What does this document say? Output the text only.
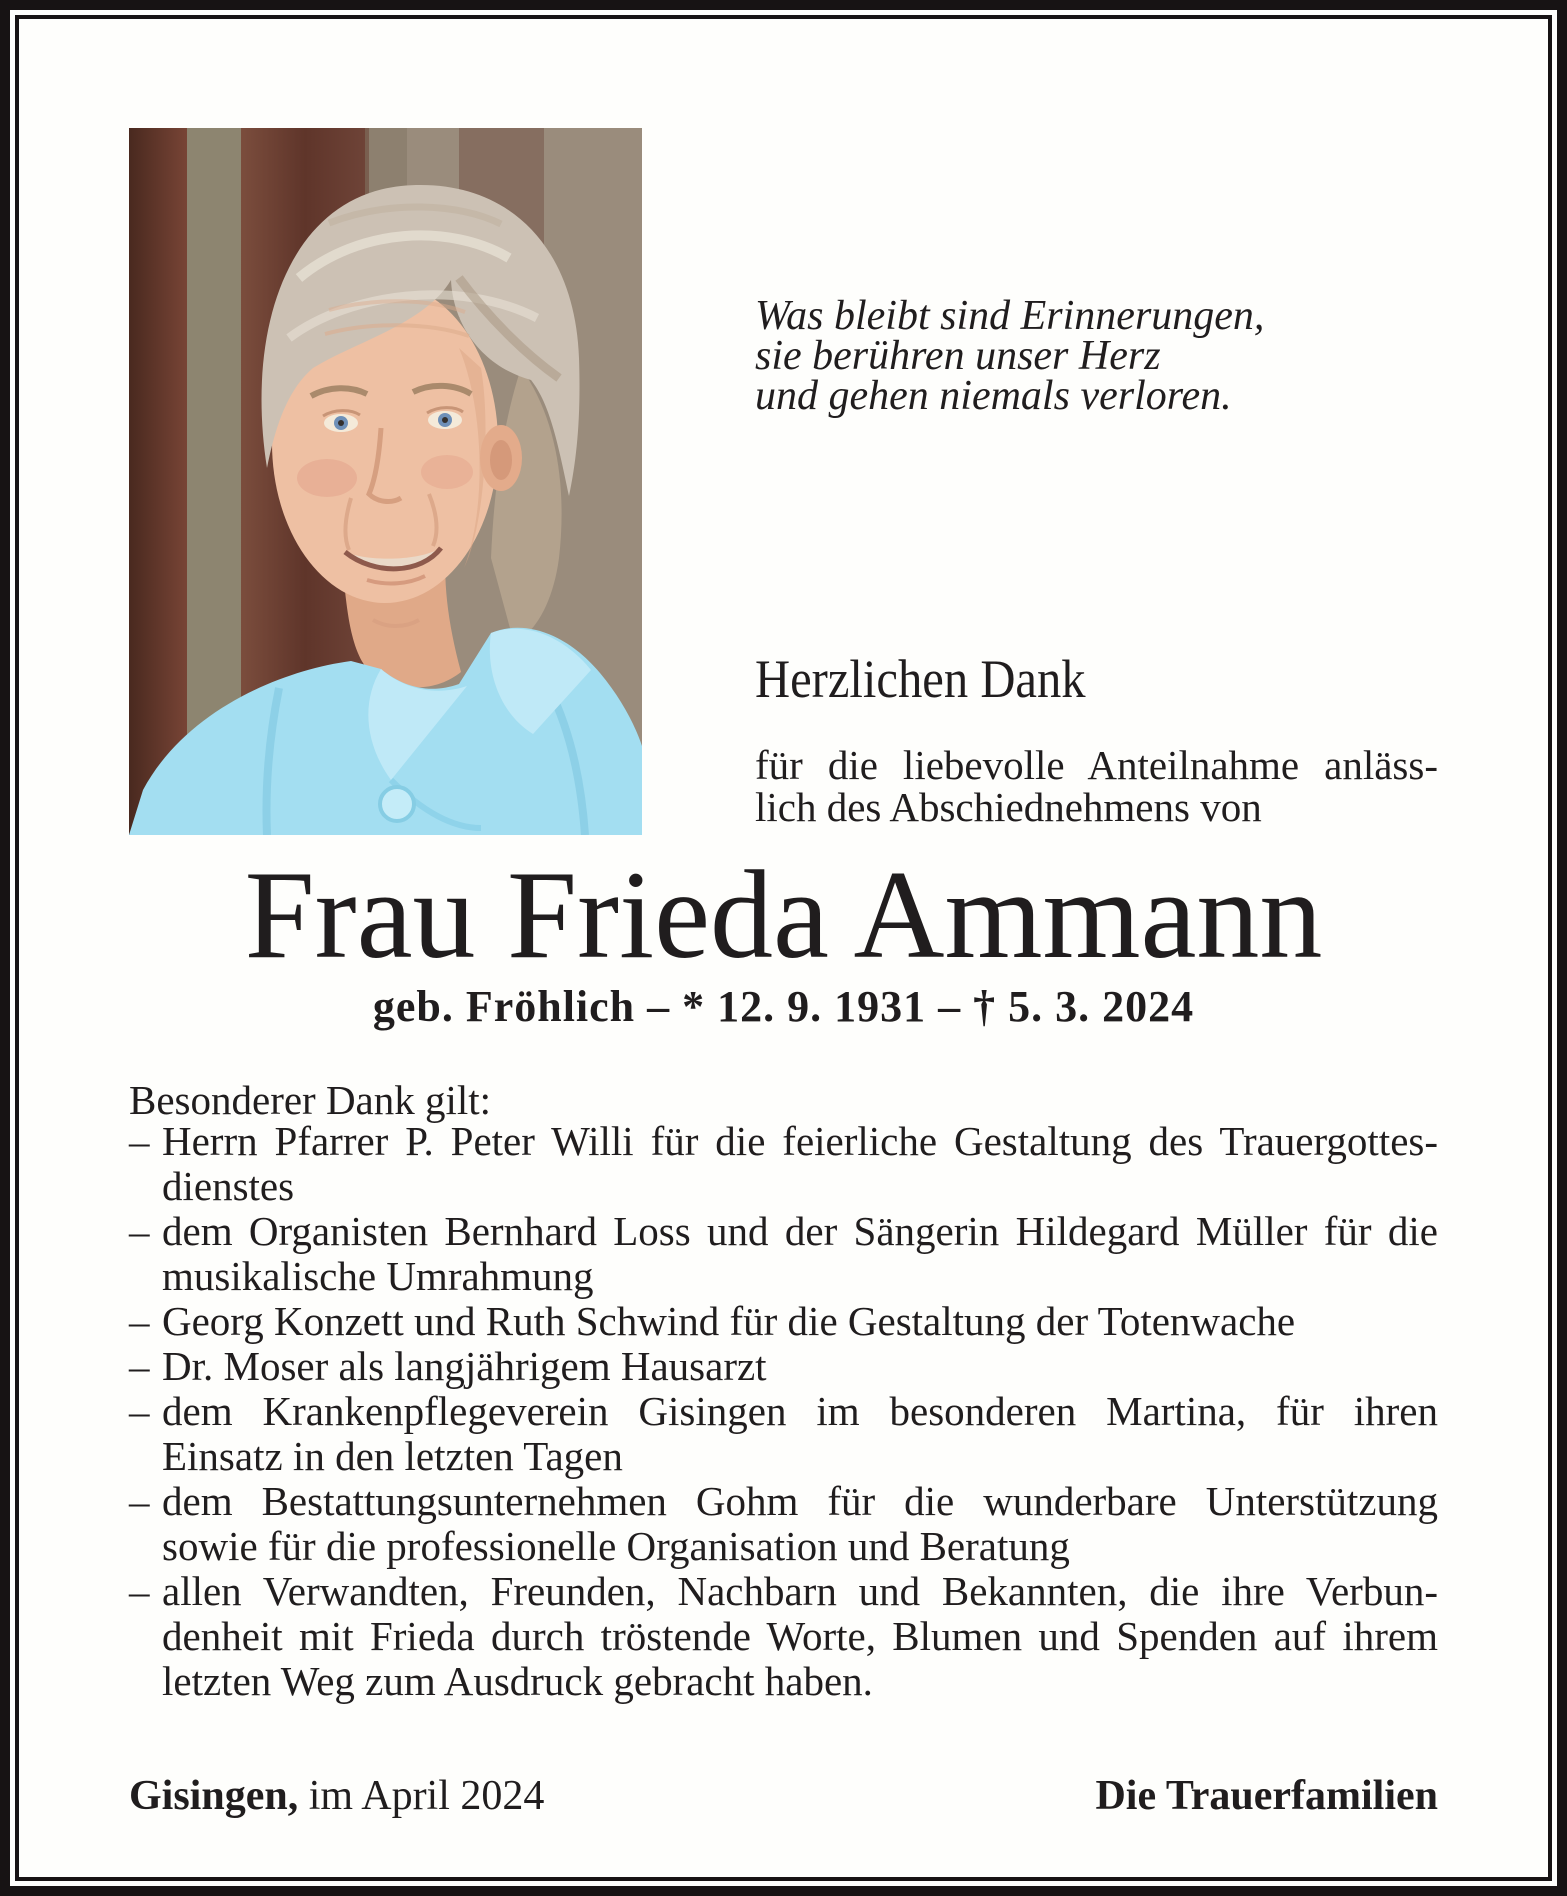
Was bleibt sind Erinnerungen,
sie berühren unser Herz
und gehen niemals verloren.
Herzlichen Dank
für die liebevolle Anteilnahme anläss-
lich des Abschiednehmens von
Frau Frieda Ammann
geb. Fröhlich – * 12. 9. 1931 – † 5. 3. 2024
Besonderer Dank gilt:
– Herrn Pfarrer P. Peter Willi für die feierliche Gestaltung des Trauergottes-
dienstes
– dem Organisten Bernhard Loss und der Sängerin Hildegard Müller für die
musikalische Umrahmung
– Georg Konzett und Ruth Schwind für die Gestaltung der Totenwache
– Dr. Moser als langjährigem Hausarzt
– dem Krankenpflegeverein Gisingen im besonderen Martina, für ihren
Einsatz in den letzten Tagen
– dem Bestattungsunternehmen Gohm für die wunderbare Unterstützung
sowie für die professionelle Organisation und Beratung
– allen Verwandten, Freunden, Nachbarn und Bekannten, die ihre Verbun-
denheit mit Frieda durch tröstende Worte, Blumen und Spenden auf ihrem
letzten Weg zum Ausdruck gebracht haben.
Gisingen, im April 2024	Die Trauerfamilien
